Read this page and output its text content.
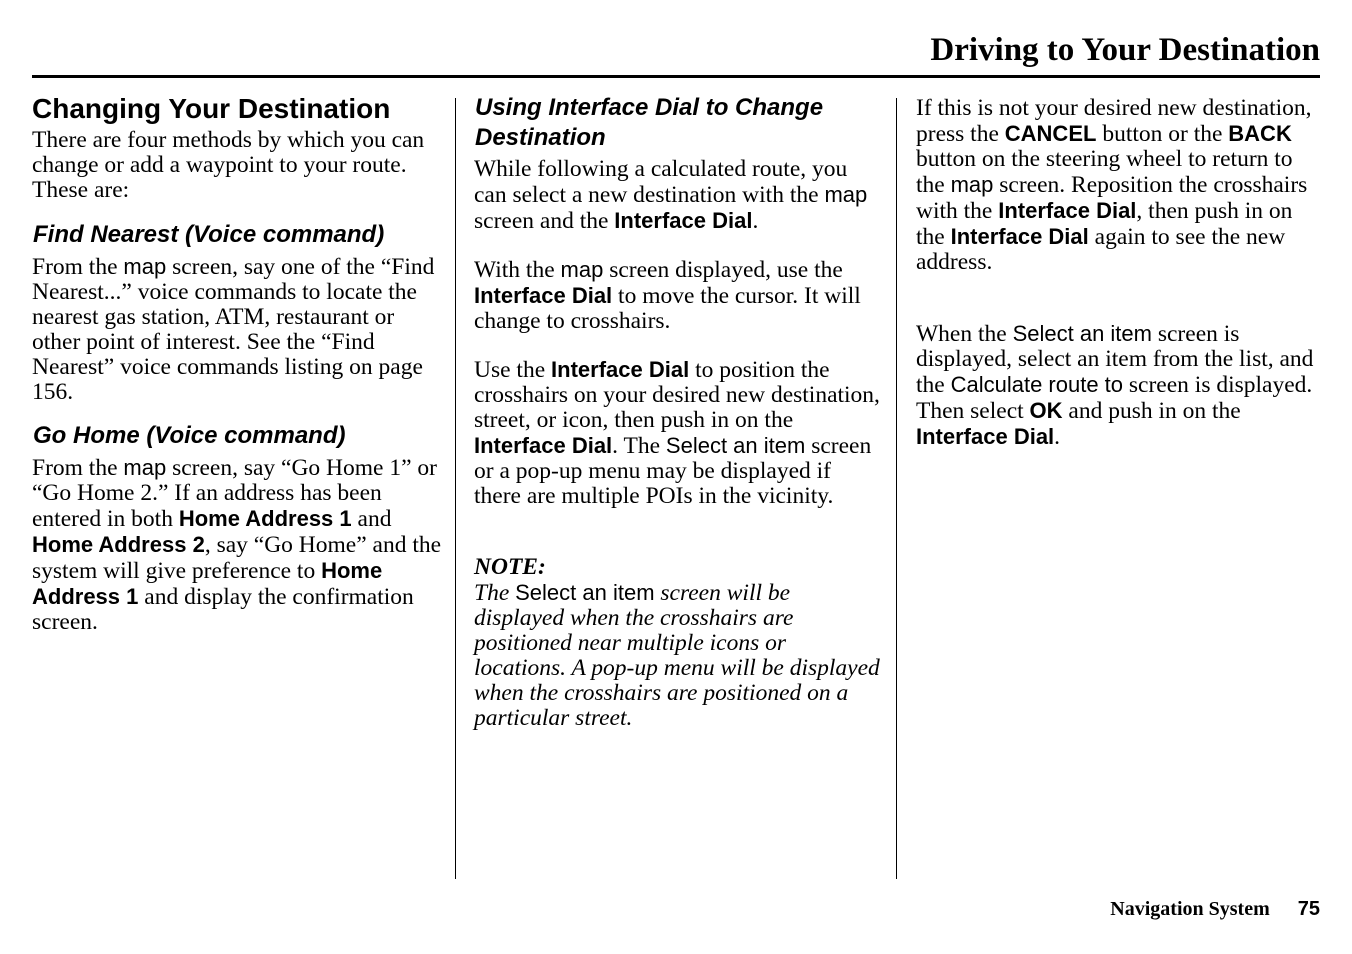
Driving to Your Destination
Changing Your Destination

There are four methods by which you can change or add a waypoint to your route. These are:

Find Nearest (Voice command)

From the map screen, say one of the “Find Nearest...” voice commands to locate the nearest gas station, ATM, restaurant or other point of interest. See the “Find Nearest” voice commands listing on page 156.

Go Home (Voice command)

From the map screen, say “Go Home 1” or “Go Home 2.” If an address has been entered in both Home Address 1 and Home Address 2, say “Go Home” and the system will give preference to Home Address 1 and display the confirmation screen.

Using Interface Dial to Change Destination

While following a calculated route, you can select a new destination with the map screen and the Interface Dial.

With the map screen displayed, use the Interface Dial to move the cursor. It will change to crosshairs.

Use the Interface Dial to position the crosshairs on your desired new destination, street, or icon, then push in on the Interface Dial. The Select an item screen or a pop-up menu may be displayed if there are multiple POIs in the vicinity.

NOTE:

The Select an item screen will be displayed when the crosshairs are positioned near multiple icons or locations. A pop-up menu will be displayed when the crosshairs are positioned on a particular street.

If this is not your desired new destination, press the CANCEL button or the BACK button on the steering wheel to return to the map screen. Reposition the crosshairs with the Interface Dial, then push in on the Interface Dial again to see the new address.

When the Select an item screen is displayed, select an item from the list, and the Calculate route to screen is displayed. Then select OK and push in on the Interface Dial.

Navigation System 75
